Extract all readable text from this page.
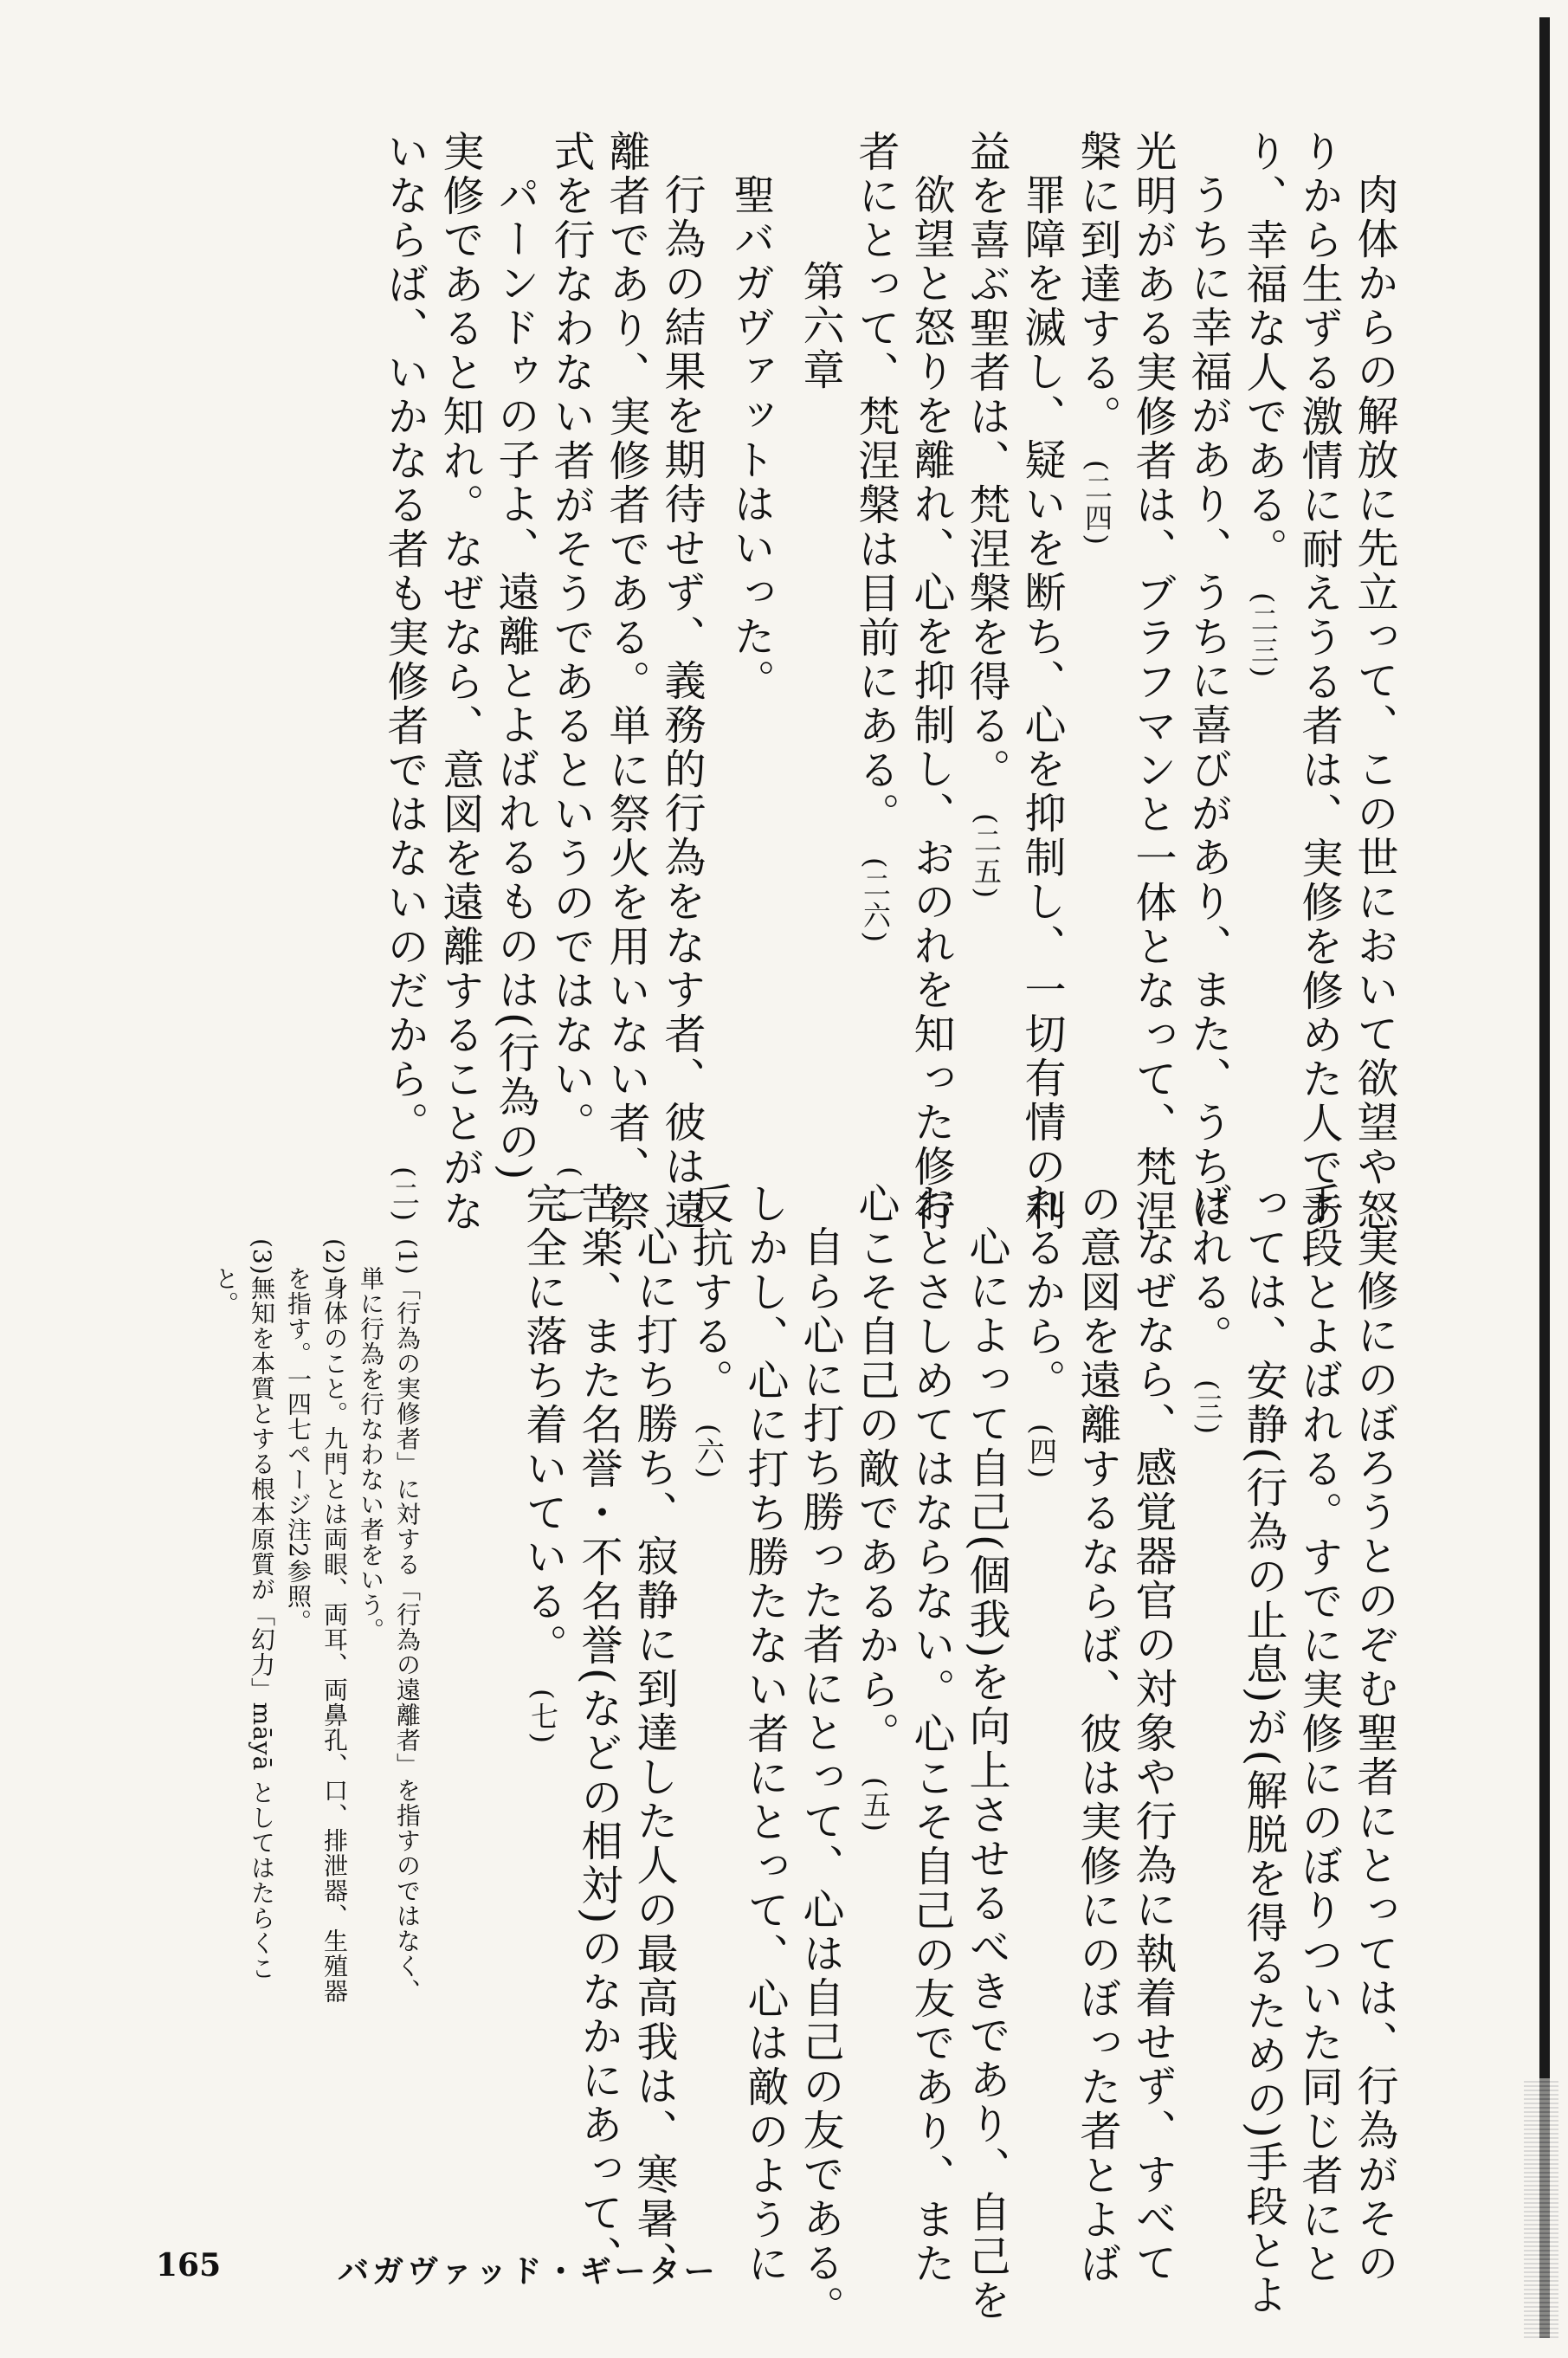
肉体からの解放に先立って、この世において欲望や怒
りから生ずる激情に耐えうる者は、実修を修めた人であ
り、幸福な人である。(二三)
うちに幸福があり、うちに喜びがあり、また、うちに
光明がある実修者は、ブラフマンと一体となって、梵涅
槃に到達する。(二四)
罪障を滅し、疑いを断ち、心を抑制し、一切有情の利
益を喜ぶ聖者は、梵涅槃を得る。(二五)
欲望と怒りを離れ、心を抑制し、おのれを知った修行
者にとって、梵涅槃は目前にある。(二六)
第六章
聖バガヴァットはいった。
行為の結果を期待せず、義務的行為をなす者、彼は遠
離者であり、実修者である。単に祭火を用いない者、祭
式を行なわない者がそうであるというのではない。(一)
パーンドゥの子よ、遠離とよばれるものは(行為の)
実修であると知れ。なぜなら、意図を遠離することがな
いならば、いかなる者も実修者ではないのだから。(二)
実修にのぼろうとのぞむ聖者にとっては、行為がその
手段とよばれる。すでに実修にのぼりついた同じ者にと
っては、安静(行為の止息)が(解脱を得るための)手段とよ
ばれる。(三)
なぜなら、感覚器官の対象や行為に執着せず、すべて
の意図を遠離するならば、彼は実修にのぼった者とよば
れるから。(四)
心によって自己(個我)を向上させるべきであり、自己を
おとさしめてはならない。心こそ自己の友であり、また
心こそ自己の敵であるから。(五)
自ら心に打ち勝った者にとって、心は自己の友である。
しかし、心に打ち勝たない者にとって、心は敵のように
反抗する。(六)
心に打ち勝ち、寂静に到達した人の最高我は、寒暑、
苦楽、また名誉・不名誉(などの相対)のなかにあって、
完全に落ち着いている。(七)
(1)「行為の実修者」に対する「行為の遠離者」を指すのではなく、
単に行為を行なわない者をいう。
(2)身体のこと。九門とは両眼、両耳、両鼻孔、口、排泄器、生殖器
を指す。一四七ページ注2参照。
(3)無知を本質とする根本原質が「幻力」māyā としてはたらくこ
と。
165	バガヴァッド・ギーター
